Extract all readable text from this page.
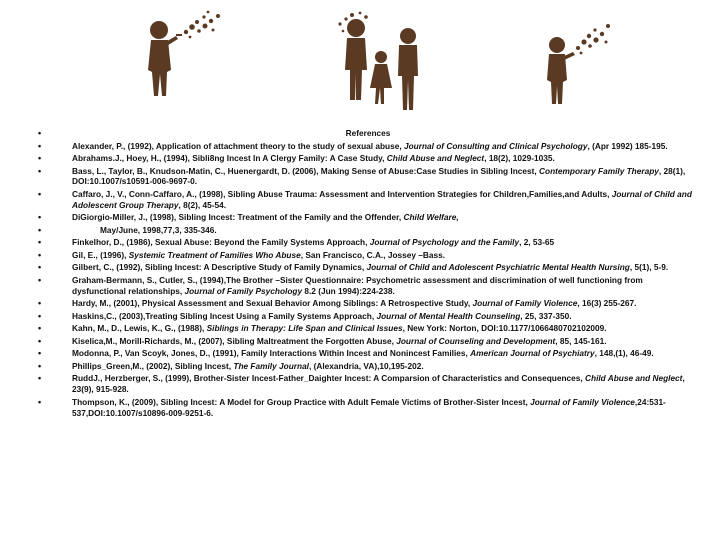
• References
• Alexander, P., (1992), Application of attachment theory to the study of sexual abuse, Journal of Consulting and Clinical Psychology, (Apr 1992) 185-195.
• Abrahams.J., Hoey, H., (1994), Sibli8ng Incest In A Clergy Family: A Case Study, Child Abuse and Neglect, 18(2), 1029-1035.
• Bass, L., Taylor, B., Knudson-Matin, C., Huenergardt, D. (2006), Making Sense of Abuse:Case Studies in Sibling Incest, Contemporary Family Therapy, 28(1), DOI:10.1007/s10591-006-9697-0.
• Caffaro, J., V., Conn-Caffaro, A., (1998), Sibling Abuse Trauma: Assessment and Intervention Strategies for Children,Families,and Adults, Journal of Child and Adolescent Group Therapy, 8(2), 45-54.
• DiGiorgio-Miller, J., (1998), Sibling Incest: Treatment of the Family and the Offender, Child Welfare,
• May/June, 1998,77,3, 335-346.
• Finkelhor, D., (1986), Sexual Abuse: Beyond the Family Systems Approach, Journal of Psychology and the Family, 2, 53-65
• Gil, E., (1996), Systemic Treatment of Families Who Abuse, San Francisco, C.A., Jossey –Bass.
• Gilbert, C., (1992), Sibling Incest: A Descriptive Study of Family Dynamics, Journal of Child and Adolescent Psychiatric Mental Health Nursing, 5(1), 5-9.
• Graham-Bermann, S., Cutler, S., (1994),The Brother –Sister Questionnaire: Psychometric assessment and discrimination of well functioning from dysfunctional relationships, Journal of Family Psychology 8.2 (Jun 1994):224-238.
• Hardy, M., (2001), Physical Assessment and Sexual Behavior Among Siblings: A Retrospective Study, Journal of Family Violence, 16(3) 255-267.
• Haskins,C., (2003),Treating Sibling Incest Using a Family Systems Approach, Journal of Mental Health Counseling, 25, 337-350.
• Kahn, M., D., Lewis, K., G., (1988), Siblings in Therapy: Life Span and Clinical Issues, New York: Norton, DOI:10.1177/1066480702102009.
• Kiselica,M., Morill-Richards, M., (2007), Sibling Maltreatment the Forgotten Abuse, Journal of Counseling and Development, 85, 145-161.
• Modonna, P., Van Scoyk, Jones, D., (1991), Family Interactions Within Incest and Nonincest Families, American Journal of Psychiatry, 148,(1), 46-49.
• Phillips_Green,M., (2002), Sibling Incest, The Family Journal, (Alexandria, VA),10,195-202.
• RuddJ., Herzberger, S., (1999), Brother-Sister Incest-Father_Daighter Incest: A Comparsion of Characteristics and Consequences, Child Abuse and Neglect, 23(9), 915-928.
• Thompson, K., (2009), Sibling Incest: A Model for Group Practice with Adult Female Victims of Brother-Sister Incest, Journal of Family Violence,24:531-537,DOI:10.1007/s10896-009-9251-6.
